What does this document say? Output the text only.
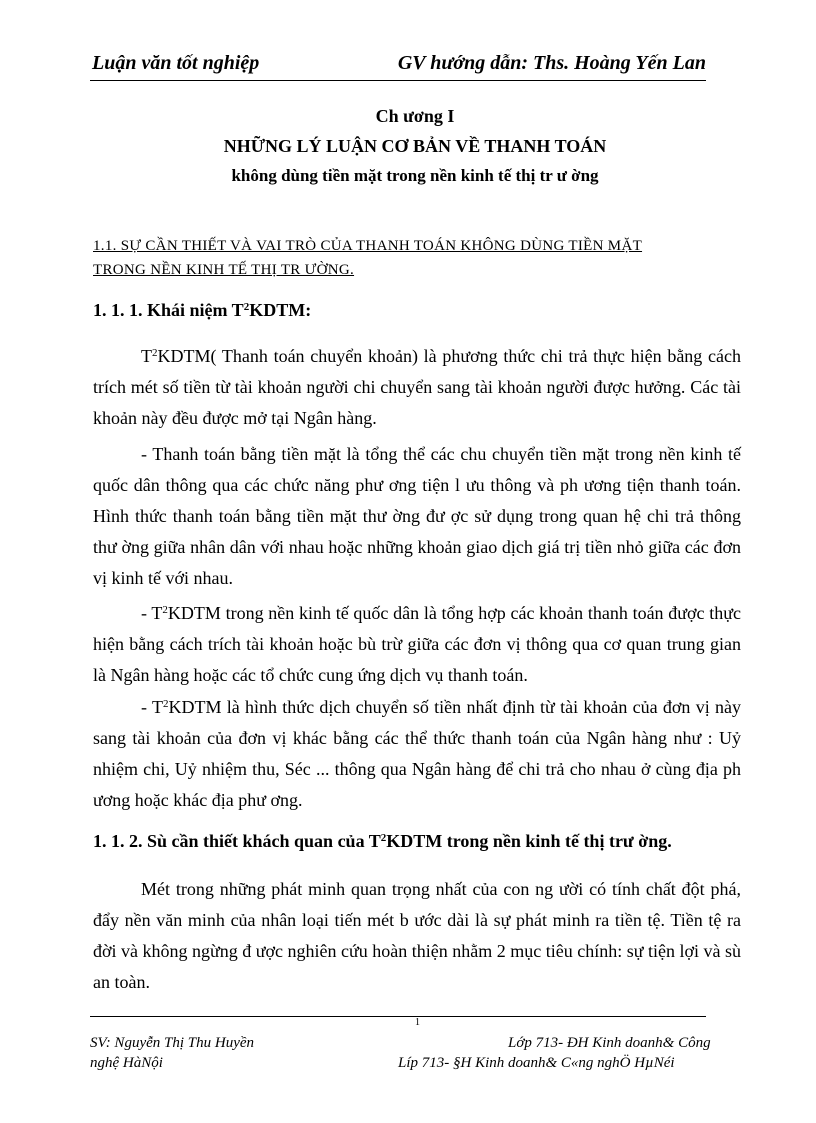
Luận văn tốt nghiệp	GV hướng dẫn: Ths. Hoàng Yến Lan
Ch ương I
NHỮNG LÝ LUẬN CƠ BẢN VỀ THANH TOÁN
không dùng tiền mặt trong nền kinh tế thị tr ư ờng
1.1. SỰ CẦN THIẾT VÀ VAI TRÒ CỦA THANH TOÁN KHÔNG DÙNG TIỀN MẶT
TRONG NỀN KINH TẾ THỊ TR ƯỜNG.
1. 1. 1. Khái niệm $T^2KDTM$:
$T^2KDTM$( Thanh toán chuyển khoản) là phương thức chi trả thực hiện bằng cách trích mét số tiền từ tài khoản người chi chuyển sang tài khoản người được hưởng. Các tài khoản này đều được mở tại Ngân hàng.
- Thanh toán bằng tiền mặt là tổng thể các chu chuyển tiền mặt trong nền kinh tế quốc dân thông qua các chức năng phư ơng tiện l ưu thông và ph ương tiện thanh toán. Hình thức thanh toán bằng tiền mặt thư ờng đư ợc sử dụng trong quan hệ chi trả thông thư ờng giữa nhân dân với nhau hoặc những khoản giao dịch giá trị tiền nhỏ giữa các đơn vị kinh tế với nhau.
- $T^2KDTM$ trong nền kinh tế quốc dân là tổng hợp các khoản thanh toán được thực hiện bằng cách trích tài khoản hoặc bù trừ giữa các đơn vị thông qua cơ quan trung gian là Ngân hàng hoặc các tổ chức cung ứng dịch vụ thanh toán.
- $T^2KDTM$ là hình thức dịch chuyển số tiền nhất định từ tài khoản của đơn vị này sang tài khoản của đơn vị khác bằng các thể thức thanh toán của Ngân hàng như : Uỷ nhiệm chi, Uỷ nhiệm thu, Séc ... thông qua Ngân hàng để chi trả cho nhau ở cùng địa ph ương hoặc khác địa phư ơng.
1. 1. 2. Sù cần thiết khách quan của $T^2KDTM$ trong nền kinh tế thị trư ờng.
Mét trong những phát minh quan trọng nhất của con ng ười có tính chất đột phá, đẩy nền văn minh của nhân loại tiến mét b ước dài là sự phát minh ra tiền tệ. Tiền tệ ra đời và không ngừng đ ược nghiên cứu hoàn thiện nhằm 2 mục tiêu chính: sự tiện lợi và sù an toàn.
1
SV: Nguyễn Thị Thu Huyền	Lớp 713- ĐH Kinh doanh& Công
nghệ HàNội	Líp 713- §H Kinh doanh& C«ng nghÖ HµNéi
